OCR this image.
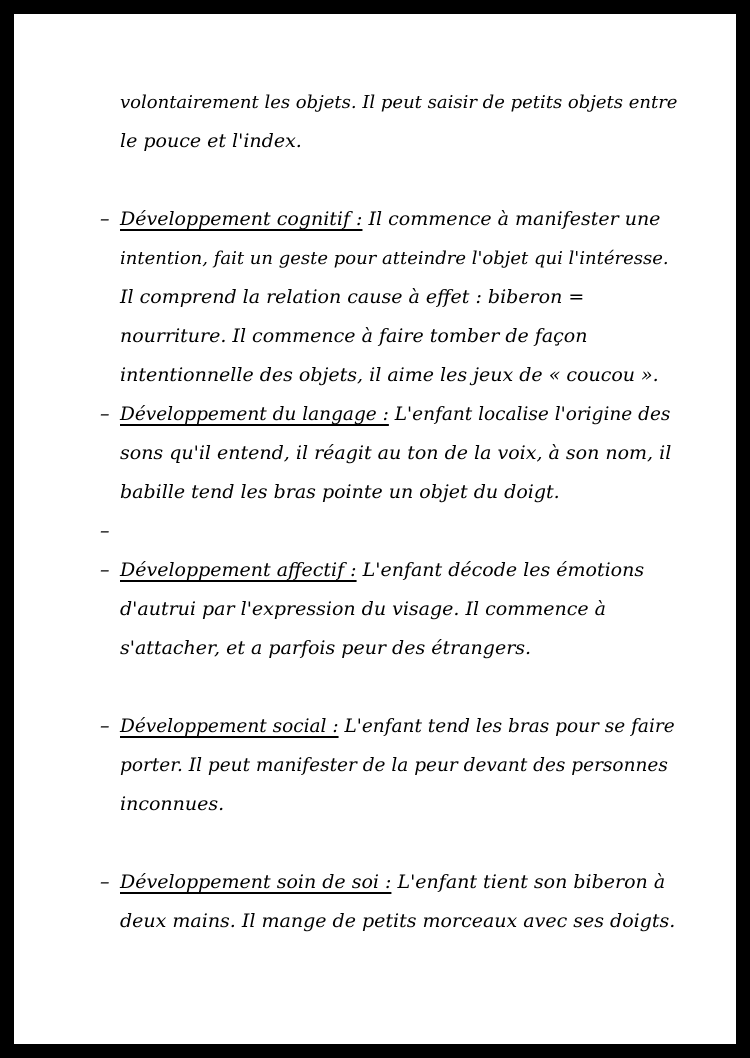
volontairement les objets. Il peut saisir de petits objets entre
le pouce et l'index.
– Développement cognitif : Il commence à manifester une
intention, fait un geste pour atteindre l'objet qui l'intéresse.
Il comprend la relation cause à effet : biberon =
nourriture. Il commence à faire tomber de façon
intentionnelle des objets, il aime les jeux de « coucou ».
– Développement du langage : L'enfant localise l'origine des
sons qu'il entend, il réagit au ton de la voix, à son nom, il
babille tend les bras pointe un objet du doigt.
–
– Développement affectif : L'enfant décode les émotions
d'autrui par l'expression du visage. Il commence à
s'attacher, et a parfois peur des étrangers.
– Développement social : L'enfant tend les bras pour se faire
porter. Il peut manifester de la peur devant des personnes
inconnues.
– Développement soin de soi : L'enfant tient son biberon à
deux mains. Il mange de petits morceaux avec ses doigts.
